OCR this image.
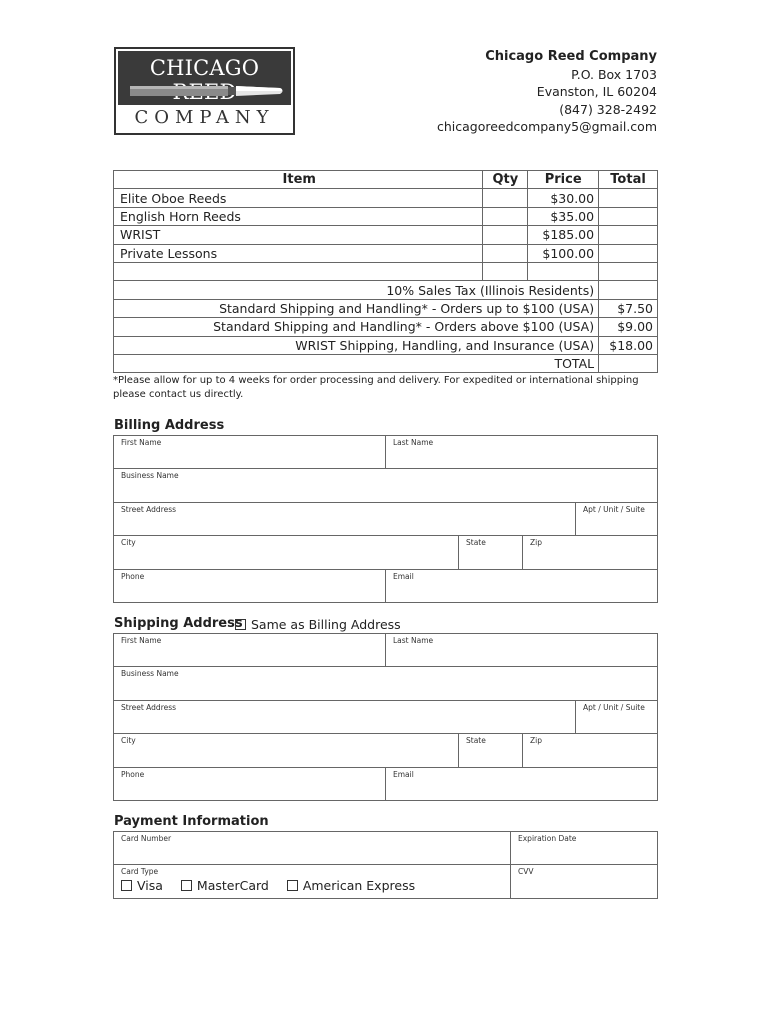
CHICAGO
COMPANY
Chicago Reed Company
P.O. Box 1703
Evanston, IL 60204
(847) 328-2492
chicagoreedcompany5@gmail.com
Item	Qty	Price	Total
Elite Oboe Reeds		$30.00	
English Horn Reeds		$35.00	
WRIST		$185.00	
Private Lessons		$100.00	

10% Sales Tax (Illinois Residents)			
Standard Shipping and Handling* - Orders up to $100 (USA)			$7.50
Standard Shipping and Handling* - Orders above $100 (USA)			$9.00
WRIST Shipping, Handling, and Insurance (USA)			$18.00
TOTAL			
*Please allow for up to 4 weeks for order processing and delivery. For expedited or international shipping please contact us directly.
Billing Address
First Name	Last Name
Business Name
Street Address	Apt / Unit / Suite
City	State	Zip
Phone	Email
Shipping Address Same as Billing Address
First Name	Last Name
Business Name
Street Address	Apt / Unit / Suite
City	State	Zip
Phone	Email
Payment Information
Card Number	Expiration Date
Card Type
Visa	MasterCard	American Express
CVV
